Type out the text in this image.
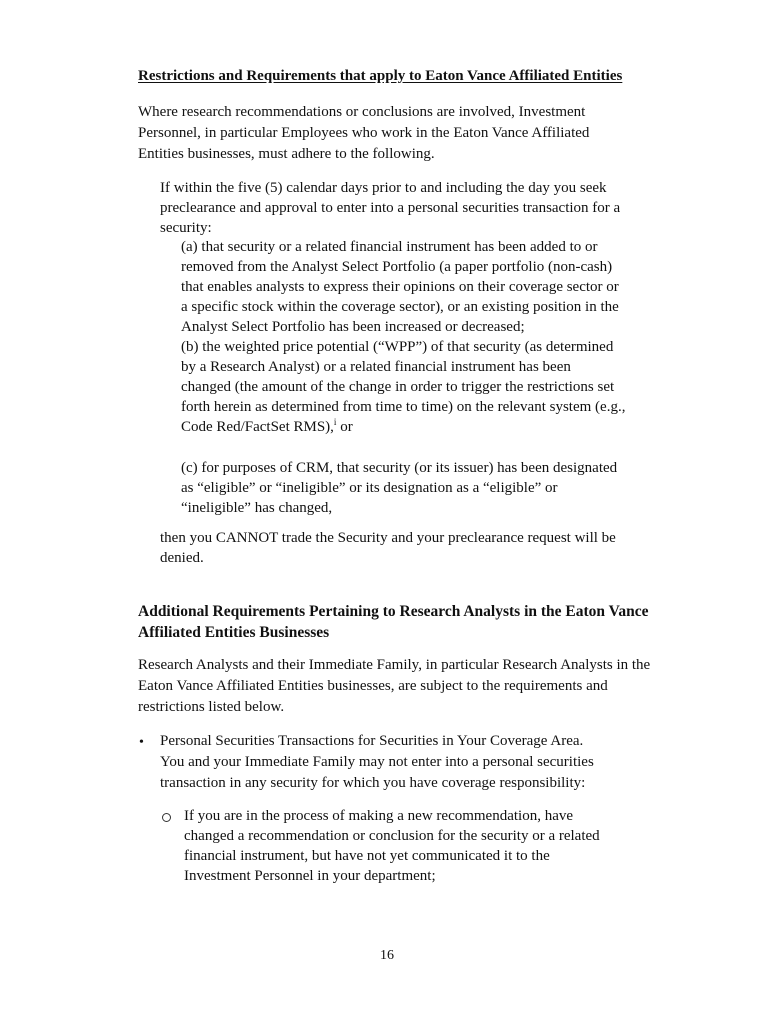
Restrictions and Requirements that apply to Eaton Vance Affiliated Entities
Where research recommendations or conclusions are involved, Investment
Personnel, in particular Employees who work in the Eaton Vance Affiliated
Entities businesses, must adhere to the following.
If within the five (5) calendar days prior to and including the day you seek
preclearance and approval to enter into a personal securities transaction for a
security:
(a) that security or a related financial instrument has been added to or
removed from the Analyst Select Portfolio (a paper portfolio (non-cash)
that enables analysts to express their opinions on their coverage sector or
a specific stock within the coverage sector), or an existing position in the
Analyst Select Portfolio has been increased or decreased;
(b) the weighted price potential (“WPP”) of that security (as determined
by a Research Analyst) or a related financial instrument has been
changed (the amount of the change in order to trigger the restrictions set
forth herein as determined from time to time) on the relevant system (e.g.,
Code Red/FactSet RMS),$^i$ or
(c) for purposes of CRM, that security (or its issuer) has been designated
as “eligible” or “ineligible” or its designation as a “eligible” or
“ineligible” has changed,
then you CANNOT trade the Security and your preclearance request will be
denied.
Additional Requirements Pertaining to Research Analysts in the Eaton Vance
Affiliated Entities Businesses
Research Analysts and their Immediate Family, in particular Research Analysts in the
Eaton Vance Affiliated Entities businesses, are subject to the requirements and
restrictions listed below.
• Personal Securities Transactions for Securities in Your Coverage Area.
You and your Immediate Family may not enter into a personal securities
transaction in any security for which you have coverage responsibility:
If you are in the process of making a new recommendation, have
changed a recommendation or conclusion for the security or a related
financial instrument, but have not yet communicated it to the
Investment Personnel in your department;
16
